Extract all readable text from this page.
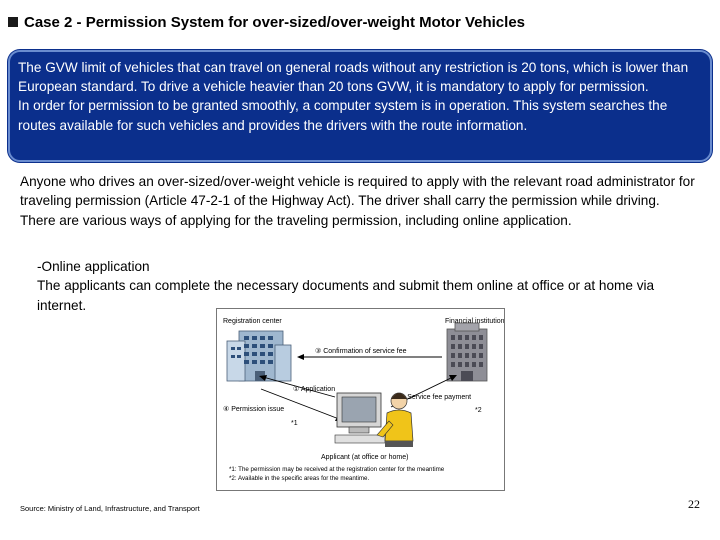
Case 2 - Permission System for over-sized/over-weight Motor Vehicles

The GVW limit of vehicles that can travel on general roads without any restriction is 20 tons, which is lower than European standard. To drive a vehicle heavier than 20 tons GVW, it is mandatory to apply for permission.

In order for permission to be granted smoothly, a computer system is in operation. This system searches the routes available for such vehicles and provides the drivers with the route information.

Anyone who drives an over-sized/over-weight vehicle is required to apply with the relevant road administrator for traveling permission (Article 47-2-1 of the Highway Act). The driver shall carry the permission while driving.

There are various ways of applying for the traveling permission, including online application.

-Online application

The applicants can complete the necessary documents and submit them online at office or at home via internet.

Registration center	Financial institutions
③ Confirmation of service fee
① Application
Service fee payment
④ Permission issue
*1
*2
Applicant (at office or home)
*1: The permission may be received at the registration center for the meantime
*2: Available in the specific areas for the meantime.
Source: Ministry of Land, Infrastructure, and Transport	22
